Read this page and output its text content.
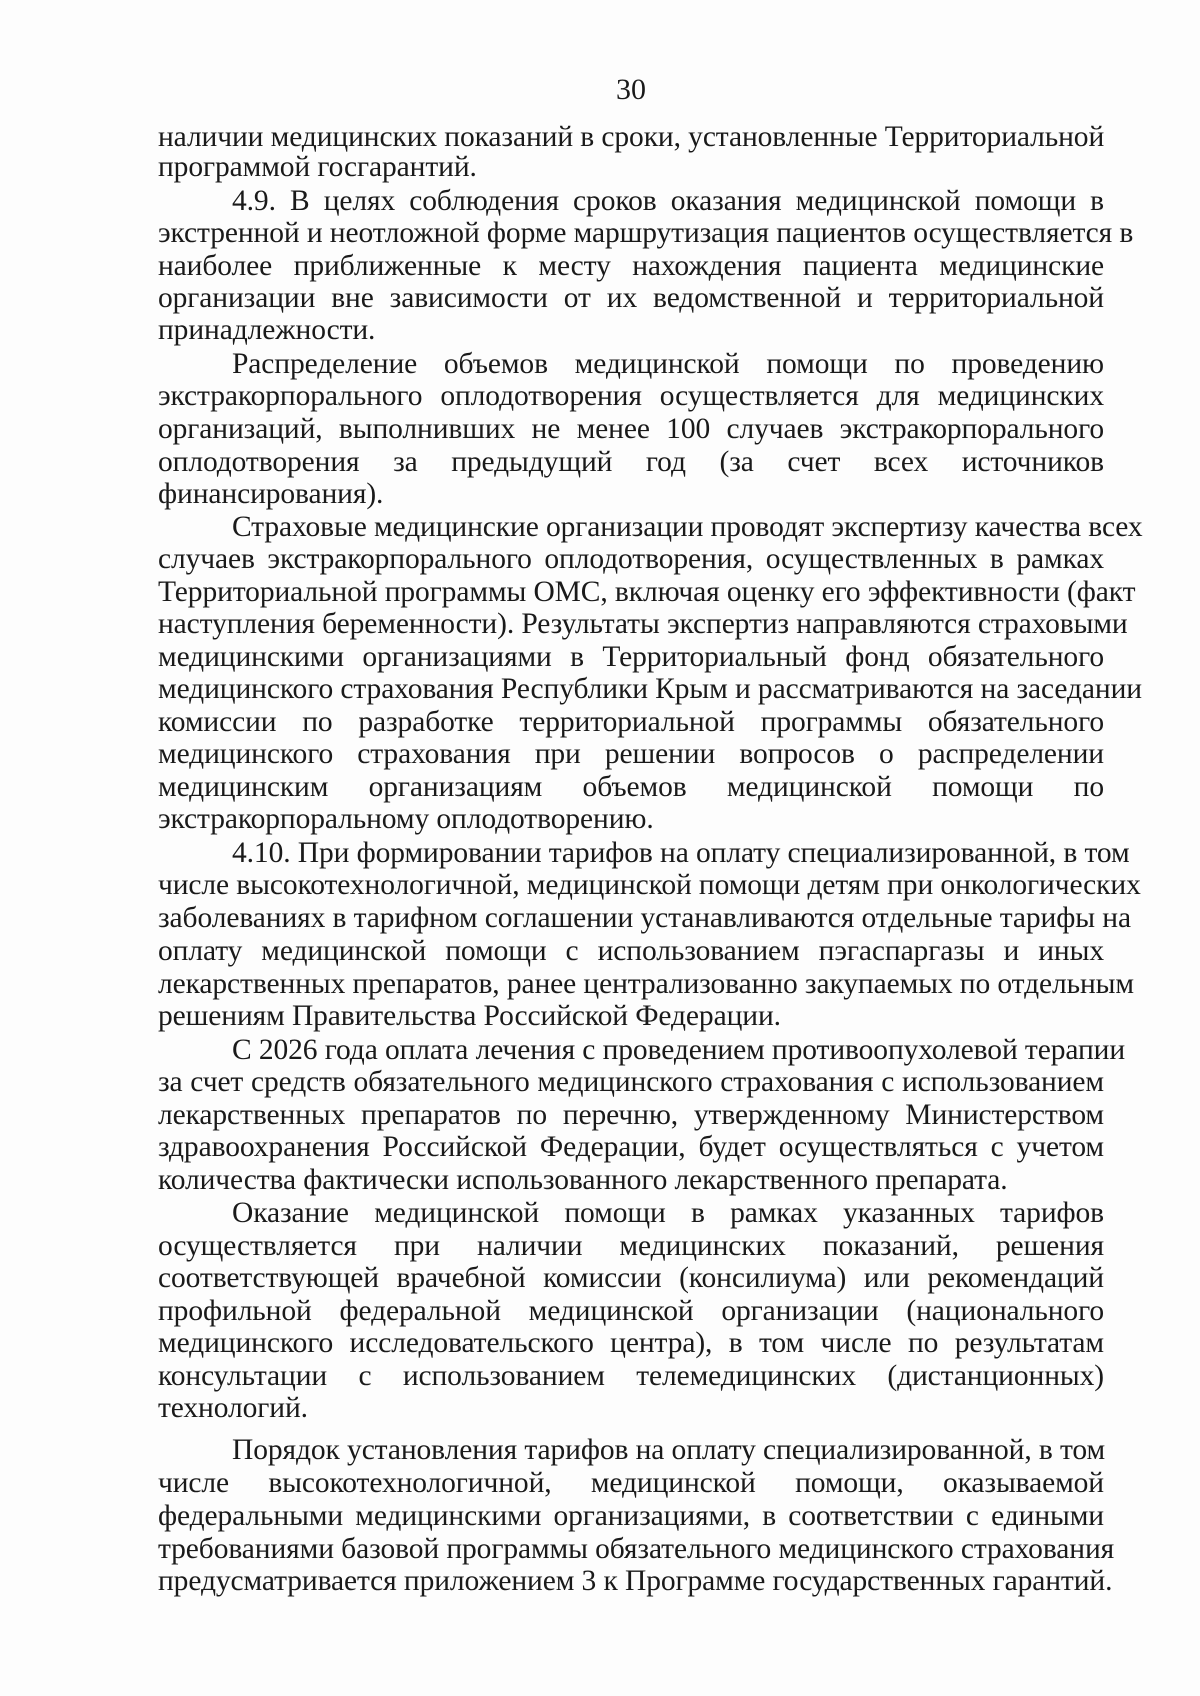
30
наличии медицинских показаний в сроки, установленные Территориальной
программой госгарантий.
4.9. В целях соблюдения сроков оказания медицинской помощи в
экстренной и неотложной форме маршрутизация пациентов осуществляется в
наиболее приближенные к месту нахождения пациента медицинские
организации вне зависимости от их ведомственной и территориальной
принадлежности.
Распределение объемов медицинской помощи по проведению
экстракорпорального оплодотворения осуществляется для медицинских
организаций, выполнивших не менее 100 случаев экстракорпорального
оплодотворения за предыдущий год (за счет всех источников
финансирования).
Страховые медицинские организации проводят экспертизу качества всех
случаев экстракорпорального оплодотворения, осуществленных в рамках
Территориальной программы ОМС, включая оценку его эффективности (факт
наступления беременности). Результаты экспертиз направляются страховыми
медицинскими организациями в Территориальный фонд обязательного
медицинского страхования Республики Крым и рассматриваются на заседании
комиссии по разработке территориальной программы обязательного
медицинского страхования при решении вопросов о распределении
медицинским организациям объемов медицинской помощи по
экстракорпоральному оплодотворению.
4.10. При формировании тарифов на оплату специализированной, в том
числе высокотехнологичной, медицинской помощи детям при онкологических
заболеваниях в тарифном соглашении устанавливаются отдельные тарифы на
оплату медицинской помощи с использованием пэгаспаргазы и иных
лекарственных препаратов, ранее централизованно закупаемых по отдельным
решениям Правительства Российской Федерации.
С 2026 года оплата лечения с проведением противоопухолевой терапии
за счет средств обязательного медицинского страхования с использованием
лекарственных препаратов по перечню, утвержденному Министерством
здравоохранения Российской Федерации, будет осуществляться с учетом
количества фактически использованного лекарственного препарата.
Оказание медицинской помощи в рамках указанных тарифов
осуществляется при наличии медицинских показаний, решения
соответствующей врачебной комиссии (консилиума) или рекомендаций
профильной федеральной медицинской организации (национального
медицинского исследовательского центра), в том числе по результатам
консультации с использованием телемедицинских (дистанционных)
технологий.
Порядок установления тарифов на оплату специализированной, в том
числе высокотехнологичной, медицинской помощи, оказываемой
федеральными медицинскими организациями, в соответствии с едиными
требованиями базовой программы обязательного медицинского страхования
предусматривается приложением 3 к Программе государственных гарантий.
